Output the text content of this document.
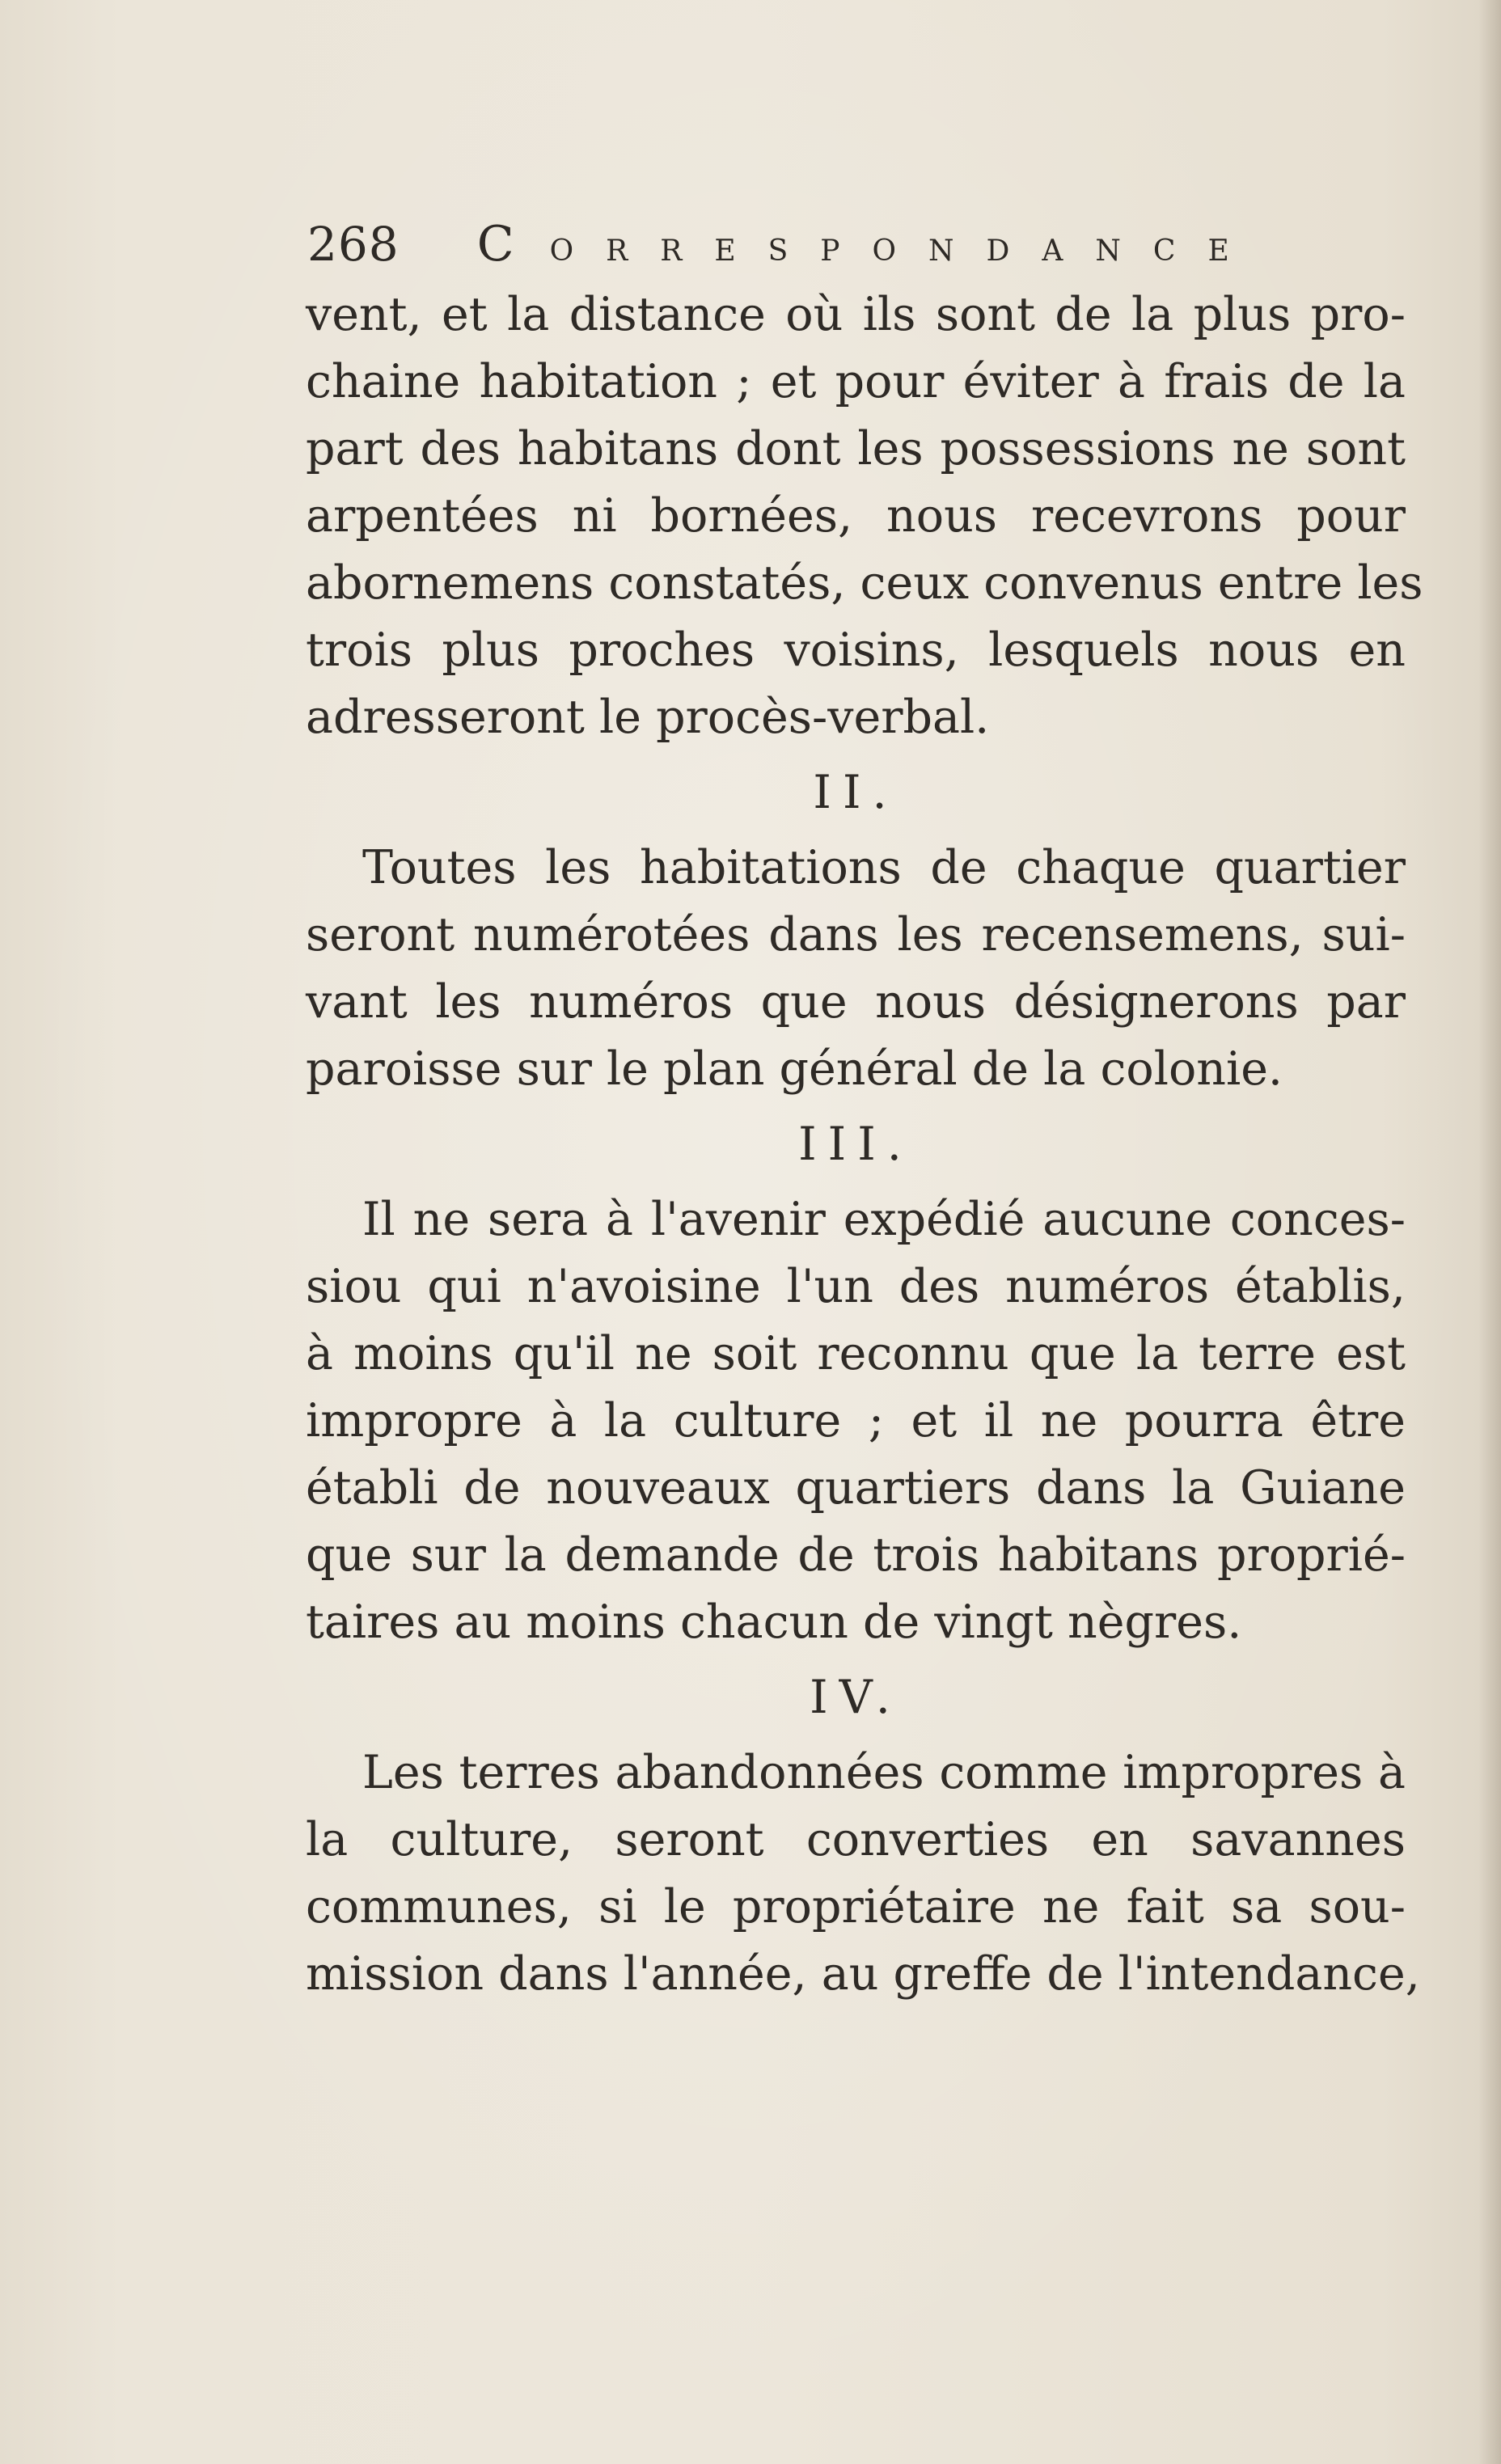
268 C ORRESPONDANCE
vent, et la distance où ils sont de la plus pro-
chaine habitation ; et pour éviter à frais de la
part des habitans dont les possessions ne sont
arpentées ni bornées, nous recevrons pour
abornemens constatés, ceux convenus entre les
trois plus proches voisins, lesquels nous en
adresseront le procès-verbal.
II.
Toutes les habitations de chaque quartier
seront numérotées dans les recensemens, sui-
vant les numéros que nous désignerons par
paroisse sur le plan général de la colonie.
III.
Il ne sera à l'avenir expédié aucune conces-
siou qui n'avoisine l'un des numéros établis,
à moins qu'il ne soit reconnu que la terre est
impropre à la culture ; et il ne pourra être
établi de nouveaux quartiers dans la Guiane
que sur la demande de trois habitans proprié-
taires au moins chacun de vingt nègres.
IV.
Les terres abandonnées comme impropres à
la culture, seront converties en savannes
communes, si le propriétaire ne fait sa sou-
mission dans l'année, au greffe de l'intendance,
